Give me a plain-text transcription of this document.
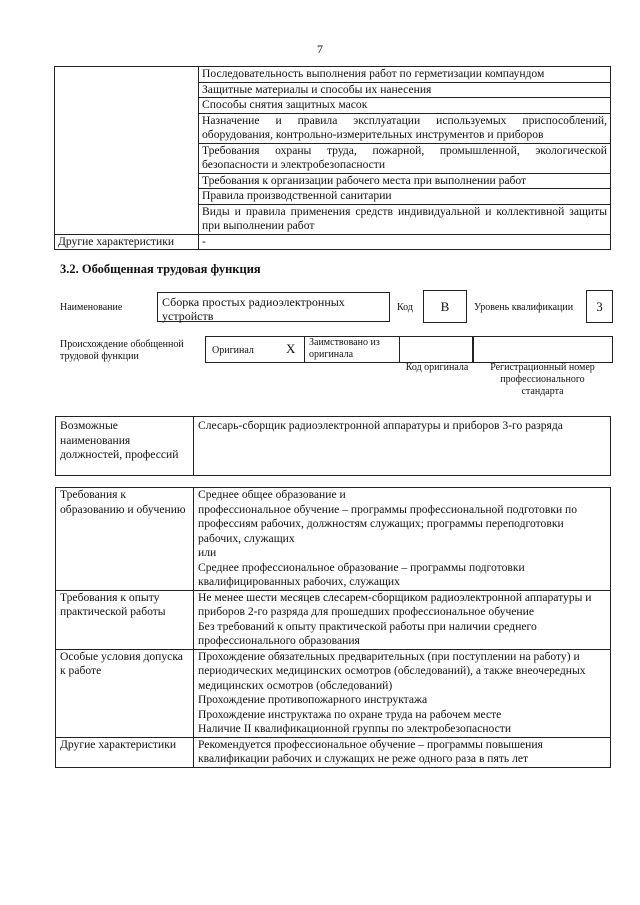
7
	Последовательность выполнения работ по герметизации компаундом
	Защитные материалы и способы их нанесения
	Способы снятия защитных масок
	Назначение и правила эксплуатации используемых приспособлений, оборудования, контрольно-измерительных инструментов и приборов
	Требования охраны труда, пожарной, промышленной, экологической безопасности и электробезопасности
	Требования к организации рабочего места при выполнении работ
	Правила производственной санитарии
	Виды и правила применения средств индивидуальной и коллективной защиты при выполнении работ
Другие характеристики	-
3.2. Обобщенная трудовая функция
Наименование	Сборка простых радиоэлектронных устройств
Код	B	Уровень квалификации	3
Происхождение обобщенной трудовой функции
Оригинал X Заимствовано из оригинала
Код оригинала	Регистрационный номер профессионального стандарта
Возможные наименования должностей, профессий	Слесарь-сборщик радиоэлектронной аппаратуры и приборов 3-го разряда
Требования к образованию и обучению	Среднее общее образование и
профессиональное обучение – программы профессиональной подготовки по профессиям рабочих, должностям служащих; программы переподготовки рабочих, служащих
или
Среднее профессиональное образование – программы подготовки квалифицированных рабочих, служащих

Требования к опыту практической работы	Не менее шести месяцев слесарем-сборщиком радиоэлектронной аппаратуры и приборов 2-го разряда для прошедших профессиональное обучение
Без требований к опыту практической работы при наличии среднего профессионального образования

Особые условия допуска к работе	Прохождение обязательных предварительных (при поступлении на работу) и периодических медицинских осмотров (обследований), а также внеочередных медицинских осмотров (обследований)
Прохождение противопожарного инструктажа
Прохождение инструктажа по охране труда на рабочем месте
Наличие II квалификационной группы по электробезопасности

Другие характеристики	Рекомендуется профессиональное обучение – программы повышения квалификации рабочих и служащих не реже одного раза в пять лет
